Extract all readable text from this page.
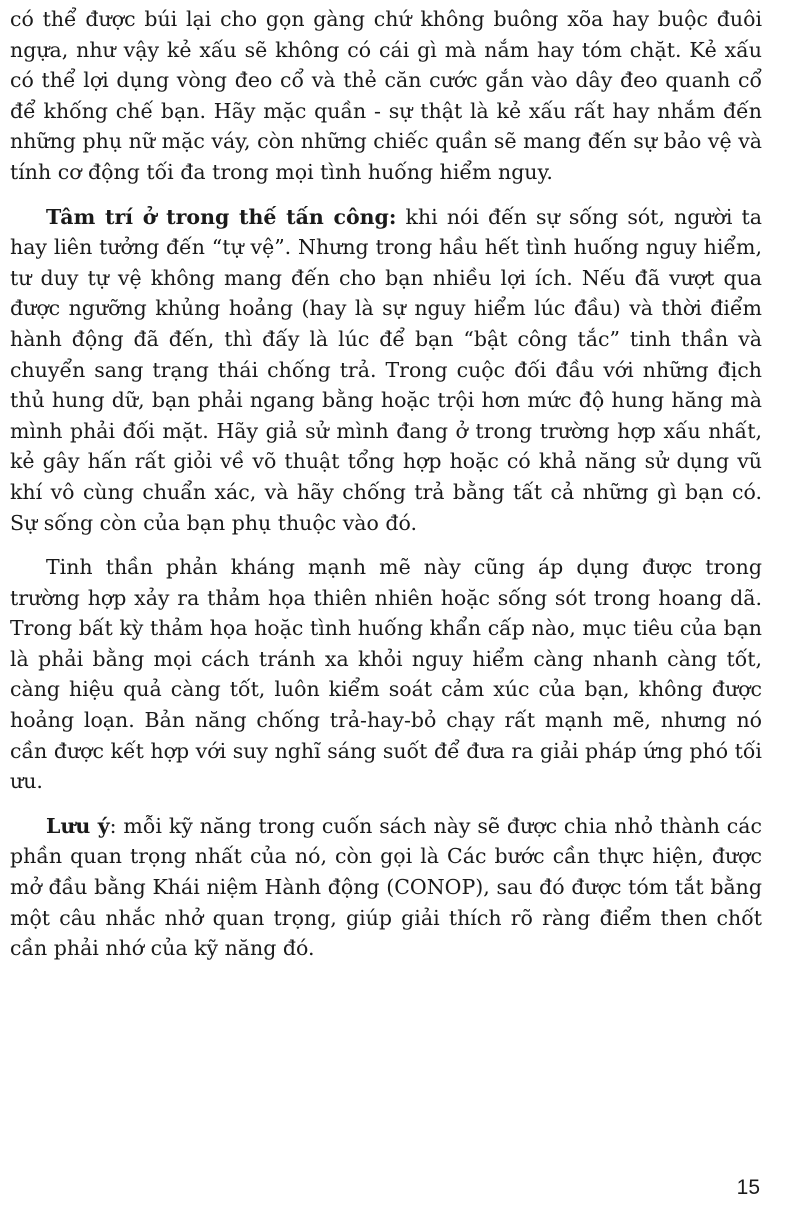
có thể được búi lại cho gọn gàng chứ không buông xõa hay buộc đuôi ngựa, như vậy kẻ xấu sẽ không có cái gì mà nắm hay tóm chặt. Kẻ xấu có thể lợi dụng vòng đeo cổ và thẻ căn cước gắn vào dây đeo quanh cổ để khống chế bạn. Hãy mặc quần - sự thật là kẻ xấu rất hay nhắm đến những phụ nữ mặc váy, còn những chiếc quần sẽ mang đến sự bảo vệ và tính cơ động tối đa trong mọi tình huống hiểm nguy.

Tâm trí ở trong thế tấn công: khi nói đến sự sống sót, người ta hay liên tưởng đến “tự vệ”. Nhưng trong hầu hết tình huống nguy hiểm, tư duy tự vệ không mang đến cho bạn nhiều lợi ích. Nếu đã vượt qua được ngưỡng khủng hoảng (hay là sự nguy hiểm lúc đầu) và thời điểm hành động đã đến, thì đấy là lúc để bạn “bật công tắc” tinh thần và chuyển sang trạng thái chống trả. Trong cuộc đối đầu với những địch thủ hung dữ, bạn phải ngang bằng hoặc trội hơn mức độ hung hăng mà mình phải đối mặt. Hãy giả sử mình đang ở trong trường hợp xấu nhất, kẻ gây hấn rất giỏi về võ thuật tổng hợp hoặc có khả năng sử dụng vũ khí vô cùng chuẩn xác, và hãy chống trả bằng tất cả những gì bạn có. Sự sống còn của bạn phụ thuộc vào đó.

Tinh thần phản kháng mạnh mẽ này cũng áp dụng được trong trường hợp xảy ra thảm họa thiên nhiên hoặc sống sót trong hoang dã. Trong bất kỳ thảm họa hoặc tình huống khẩn cấp nào, mục tiêu của bạn là phải bằng mọi cách tránh xa khỏi nguy hiểm càng nhanh càng tốt, càng hiệu quả càng tốt, luôn kiểm soát cảm xúc của bạn, không được hoảng loạn. Bản năng chống trả-hay-bỏ chạy rất mạnh mẽ, nhưng nó cần được kết hợp với suy nghĩ sáng suốt để đưa ra giải pháp ứng phó tối ưu.

Lưu ý: mỗi kỹ năng trong cuốn sách này sẽ được chia nhỏ thành các phần quan trọng nhất của nó, còn gọi là Các bước cần thực hiện, được mở đầu bằng Khái niệm Hành động (CONOP), sau đó được tóm tắt bằng một câu nhắc nhở quan trọng, giúp giải thích rõ ràng điểm then chốt cần phải nhớ của kỹ năng đó.

15
